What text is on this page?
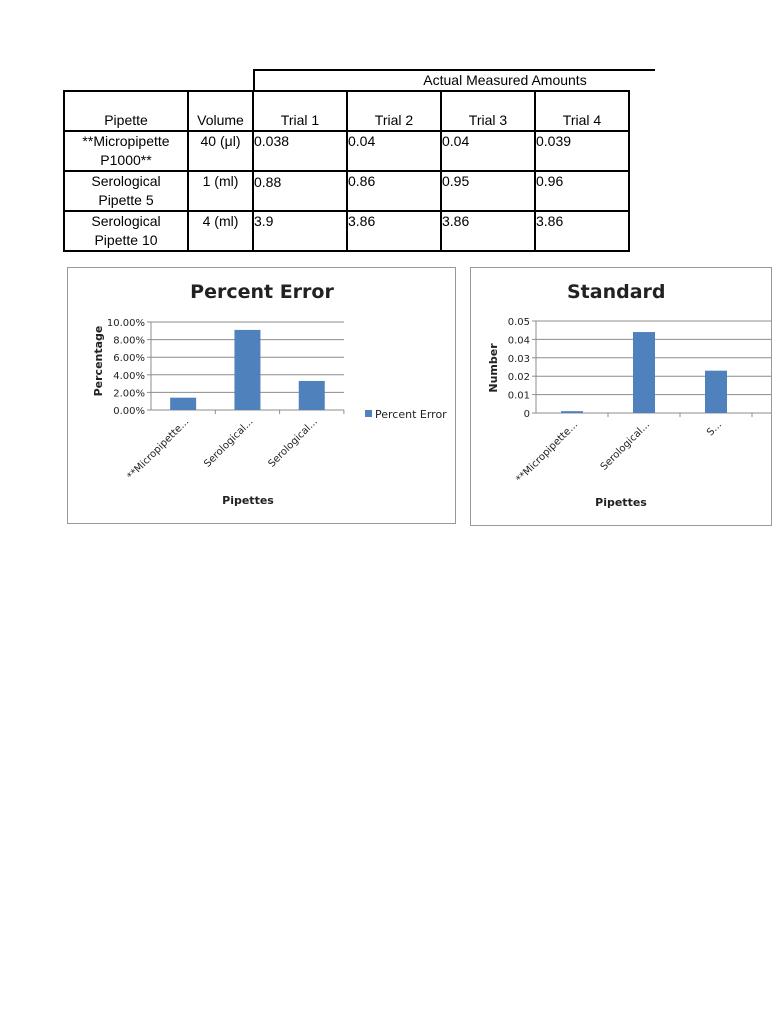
Actual Measured Amounts
Pipette	Volume	Trial 1	Trial 2	Trial 3	Trial 4

**Micropipette
P1000**	40 (μl)	0.038	0.04	0.04	0.039

Serological
Pipette 5	1 (ml)	0.88	0.86	0.95	0.96

Serological
Pipette 10	4 (ml)	3.9	3.86	3.86	3.86
Percent Error
0.00%
2.00%
4.00%
6.00%
8.00%
10.00%
**Micropipette... Serological... Serological...
Percentage
Pipettes
Percent Error
Standard
0
0.01
0.02
0.03
0.04
0.05
**Micropipette... Serological...	S...
Number
Pipettes
